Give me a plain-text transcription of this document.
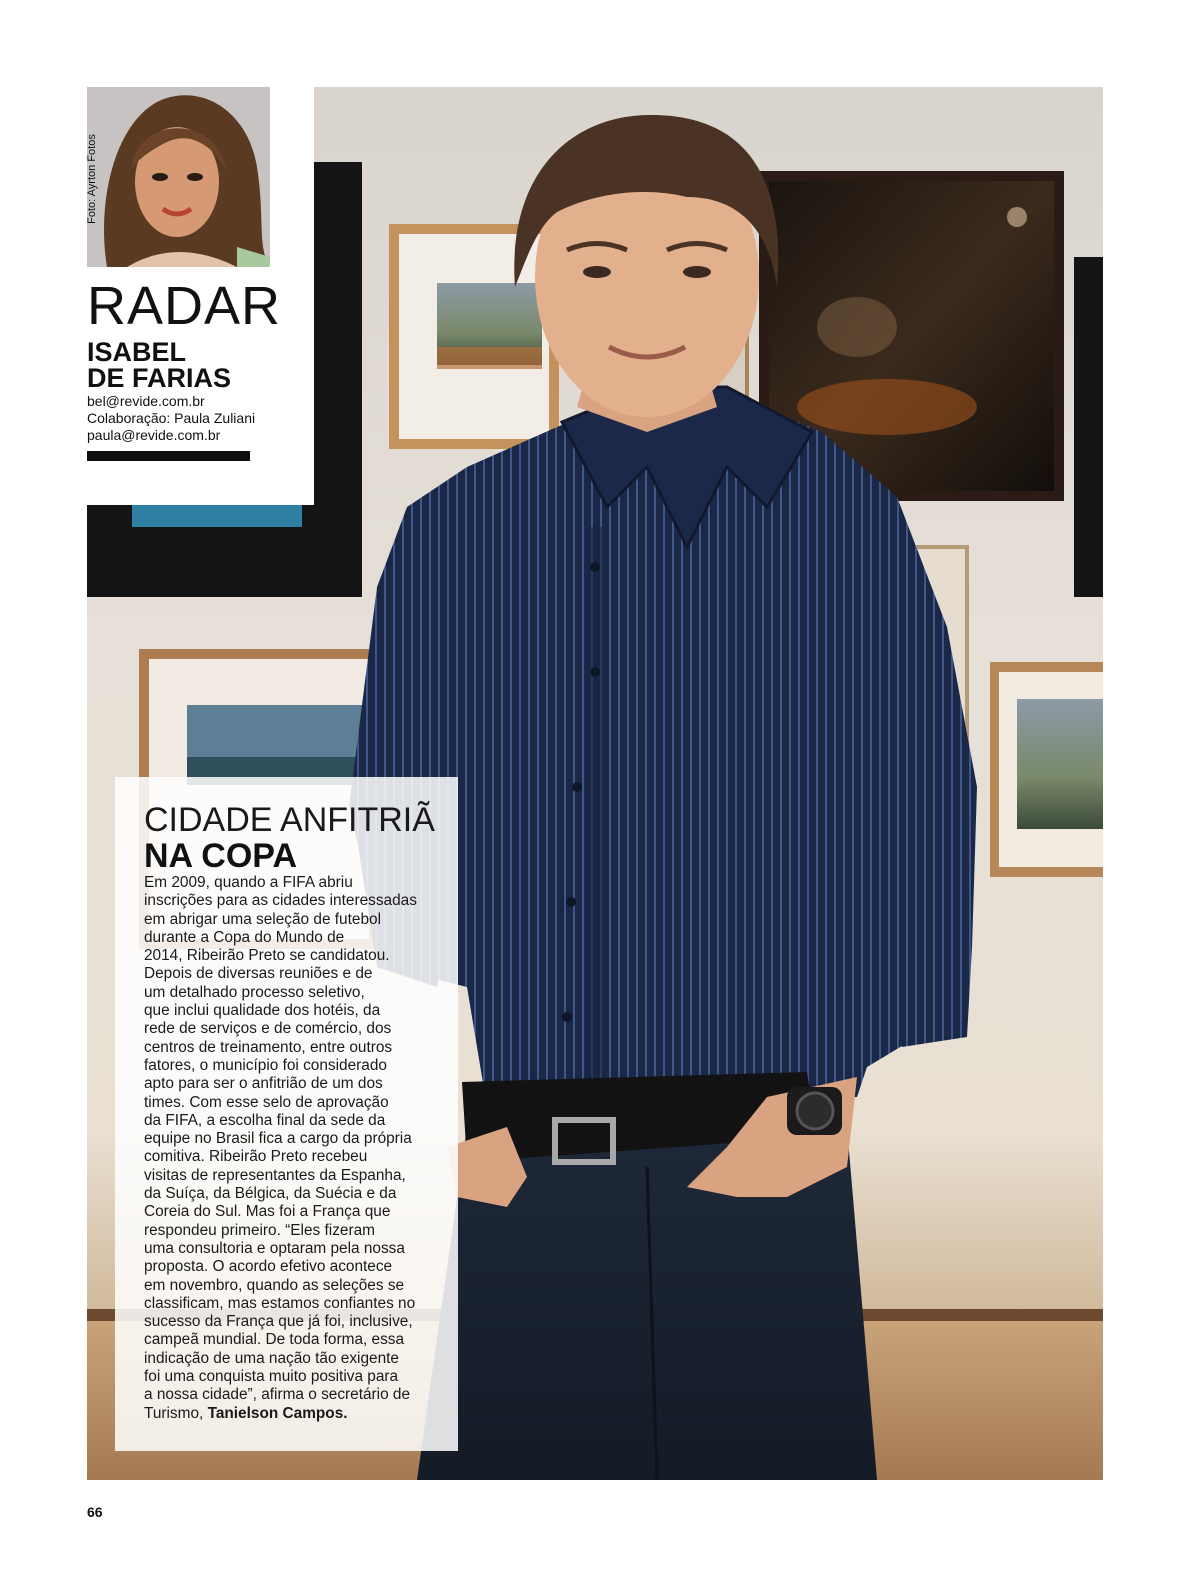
Foto: Ayrton Fotos
RADAR
ISABEL
DE FARIAS
bel@revide.com.br
Colaboração: Paula Zuliani
paula@revide.com.br
CIDADE ANFITRIÃ
NA COPA
Em 2009, quando a FIFA abriu
inscrições para as cidades interessadas
em abrigar uma seleção de futebol
durante a Copa do Mundo de
2014, Ribeirão Preto se candidatou.
Depois de diversas reuniões e de
um detalhado processo seletivo,
que inclui qualidade dos hotéis, da
rede de serviços e de comércio, dos
centros de treinamento, entre outros
fatores, o município foi considerado
apto para ser o anfitrião de um dos
times. Com esse selo de aprovação
da FIFA, a escolha final da sede da
equipe no Brasil fica a cargo da própria
comitiva. Ribeirão Preto recebeu
visitas de representantes da Espanha,
da Suíça, da Bélgica, da Suécia e da
Coreia do Sul. Mas foi a França que
respondeu primeiro. “Eles fizeram
uma consultoria e optaram pela nossa
proposta. O acordo efetivo acontece
em novembro, quando as seleções se
classificam, mas estamos confiantes no
sucesso da França que já foi, inclusive,
campeã mundial. De toda forma, essa
indicação de uma nação tão exigente
foi uma conquista muito positiva para
a nossa cidade”, afirma o secretário de
Turismo, Tanielson Campos.
66
